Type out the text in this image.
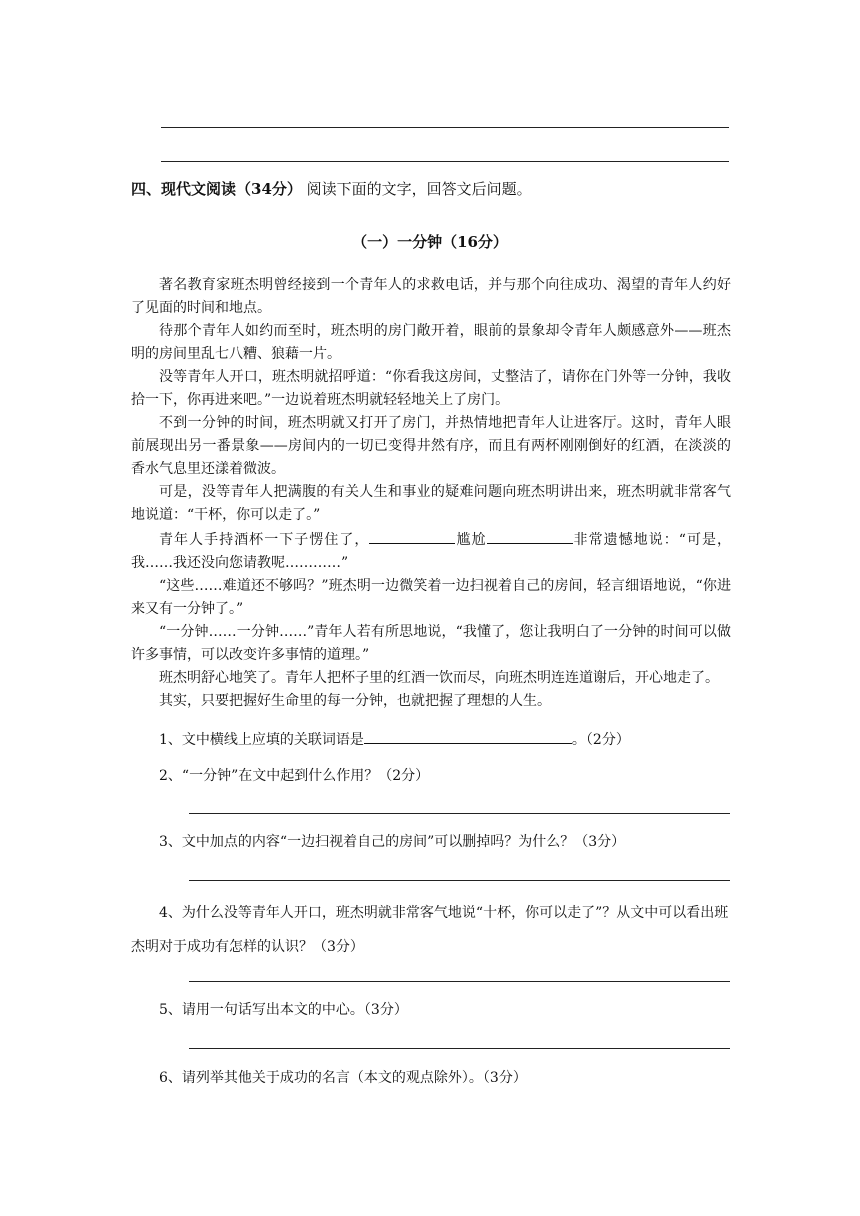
四、现代文阅读（34分） 阅读下面的文字，回答文后问题。
（一）一分钟（16分）

著名教育家班杰明曾经接到一个青年人的求救电话，并与那个向往成功、渴望的青年人约好了见面的时间和地点。

待那个青年人如约而至时，班杰明的房门敞开着，眼前的景象却令青年人颇感意外——班杰明的房间里乱七八糟、狼藉一片。

没等青年人开口，班杰明就招呼道：“你看我这房间，丈整洁了，请你在门外等一分钟，我收拾一下，你再进来吧。”一边说着班杰明就轻轻地关上了房门。

不到一分钟的时间，班杰明就又打开了房门，并热情地把青年人让进客厅。这时，青年人眼前展现出另一番景象——房间内的一切已变得井然有序，而且有两杯刚刚倒好的红酒，在淡淡的香水气息里还漾着微波。

可是，没等青年人把满腹的有关人生和事业的疑难问题向班杰明讲出来，班杰明就非常客气地说道：“干杯，你可以走了。”

青年人手持酒杯一下子愣住了，	尴尬	非常遗憾地说：“可是，我……我还没向您请教呢…………”

“这些……难道还不够吗？”班杰明一边微笑着一边扫视着自己的房间，轻言细语地说，“你进来又有一分钟了。”

“一分钟……一分钟……”青年人若有所思地说，“我懂了，您让我明白了一分钟的时间可以做许多事情，可以改变许多事情的道理。”

班杰明舒心地笑了。青年人把杯子里的红酒一饮而尽，向班杰明连连道谢后，开心地走了。

其实，只要把握好生命里的每一分钟，也就把握了理想的人生。

1、文中横线上应填的关联词语是	。（2分）
2、“一分钟”在文中起到什么作用？（2分）
3、文中加点的内容“一边扫视着自己的房间”可以删掉吗？为什么？（3分）
4、为什么没等青年人开口，班杰明就非常客气地说“十杯，你可以走了”？从文中可以看出班杰明对于成功有怎样的认识？（3分）
5、请用一句话写出本文的中心。（3分）
6、请列举其他关于成功的名言（本文的观点除外）。（3分）
